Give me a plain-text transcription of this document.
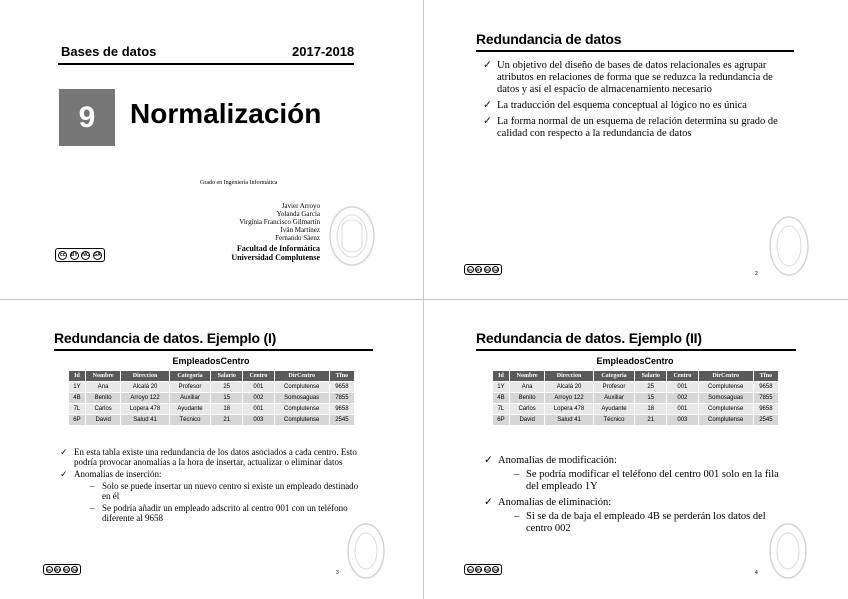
Bases de datos	2017-2018
9	Normalización
Grado en Ingeniería Informática
Javier Arroyo
Yolanda García
Virginia Francisco Gilmartín
Iván Martínez
Fernando Sáenz
Facultad de Informática
Universidad Complutense
cc	BY NC SA
Redundancia de datos
✓ Un objetivo del diseño de bases de datos relacionales es agrupar atributos en relaciones de forma que se reduzca la redundancia de datos y así el espacio de almacenamiento necesario
✓ La traducción del esquema conceptual al lógico no es única
✓ La forma normal de un esquema de relación determina su grado de calidad con respecto a la redundancia de datos
cc BY NC SA
2
Redundancia de datos. Ejemplo (I)
EmpleadosCentro
Id	Nombre	Direccion	Categoria	Salario	Centro	DirCentro	Tfno
1Y	Ana	Alcalá 20	Profesor	25	001	Complutense	9658
4B	Benito	Arroyo 122	Auxiliar	15	002	Somosaguas	7855
7L	Carlos	Lopera 478	Ayudante	18	001	Complutense	9658
6P	David	Salud 41	Técnico	21	003	Complutense	2545
✓ En esta tabla existe una redundancia de los datos asociados a cada centro. Esto podría provocar anomalías a la hora de insertar, actualizar o eliminar datos
✓ Anomalías de inserción:
– Solo se puede insertar un nuevo centro si existe un empleado destinado en él
– Se podría añadir un empleado adscrito al centro 001 con un teléfono diferente al 9658
cc BY NC SA
3
Redundancia de datos. Ejemplo (II)
EmpleadosCentro
Id	Nombre	Direccion	Categoria	Salario	Centro	DirCentro	Tfno
1Y	Ana	Alcalá 20	Profesor	25	001	Complutense	9658
4B	Benito	Arroyo 122	Auxiliar	15	002	Somosaguas	7855
7L	Carlos	Lopera 478	Ayudante	18	001	Complutense	9658
6P	David	Salud 41	Técnico	21	003	Complutense	2545
✓ Anomalías de modificación:
– Se podría modificar el teléfono del centro 001 solo en la fila del empleado 1Y
✓ Anomalías de eliminación:
– Si se da de baja el empleado 4B se perderán los datos del centro 002
cc BY NC SA
4
